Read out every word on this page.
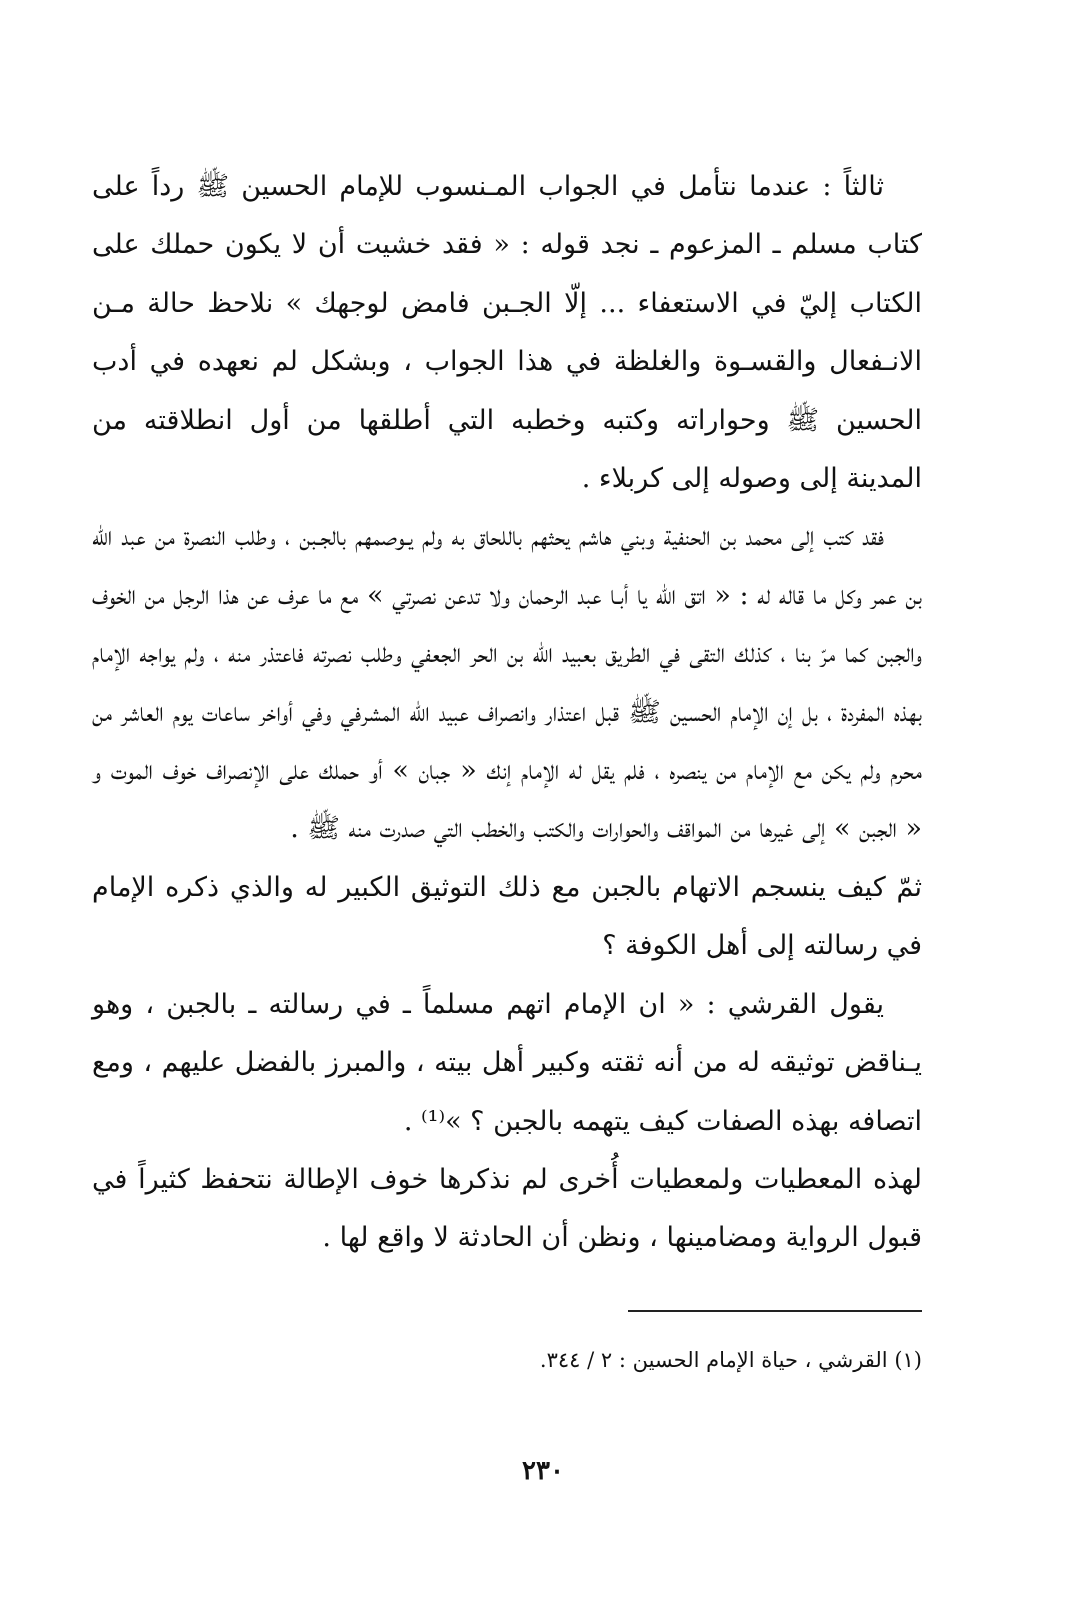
ثالثاً : عندما نتأمل في الجواب المـنسوب للإمام الحسين ﷺ رداً على كتاب مسلم ـ المزعوم ـ نجد قوله : « فقد خشيت أن لا يكون حملك على الكتاب إليّ في الاستعفاء ... إلّا الجـبن فامض لوجهك » نلاحظ حالة مـن الانـفعال والقسـوة والغلظة في هذا الجواب ، وبشكل لم نعهده في أدب الحسين ﷺ وحواراته وكتبه وخطبه التي أطلقها من أول انطلاقته من المدينة إلى وصوله إلى كربلاء .

فقد كتب إلى محمد بن الحنفية وبني هاشم يحثهم باللحاق به ولم يـوصمهم بالجـبن ، وطلب النصرة من عبد الله بن عمر وكل ما قاله له : « اتق الله يا أبـا عبد الرحمان ولا تدعن نصرتي » مع ما عرف عن هذا الرجل من الخوف والجبن كما مرّ بنا ، كذلك التقى في الطريق بعبيد الله بن الحر الجعفي وطلب نصرته فاعتذر منه ، ولم يواجه الإمام بهذه المفردة ، بل إن الإمام الحسين ﷺ قبل اعتذار وانصراف عبيد الله المشرفي وفي أواخر ساعات يوم العاشر من محرم ولم يكن مع الإمام من ينصره ، فلم يقل له الإمام إنك « جبان » أو حملك على الإنصراف خوف الموت و « الجبن » إلى غيرها من المواقف والحوارات والكتب والخطب التي صدرت منه ﷺ .

ثمّ كيف ينسجم الاتهام بالجبن مع ذلك التوثيق الكبير له والذي ذكره الإمام في رسالته إلى أهل الكوفة ؟

يقول القرشي : « ان الإمام اتهم مسلماً ـ في رسالته ـ بالجبن ، وهو يـناقض توثيقه له من أنه ثقته وكبير أهل بيته ، والمبرز بالفضل عليهم ، ومع اتصافه بهذه الصفات كيف يتهمه بالجبن ؟ »⁽¹⁾ .

لهذه المعطيات ولمعطيات أُخرى لم نذكرها خوف الإطالة نتحفظ كثيراً في قبول الرواية ومضامينها ، ونظن أن الحادثة لا واقع لها .

(١) القرشي ، حياة الإمام الحسين : ٢ / ٣٤٤.

٢٣٠
